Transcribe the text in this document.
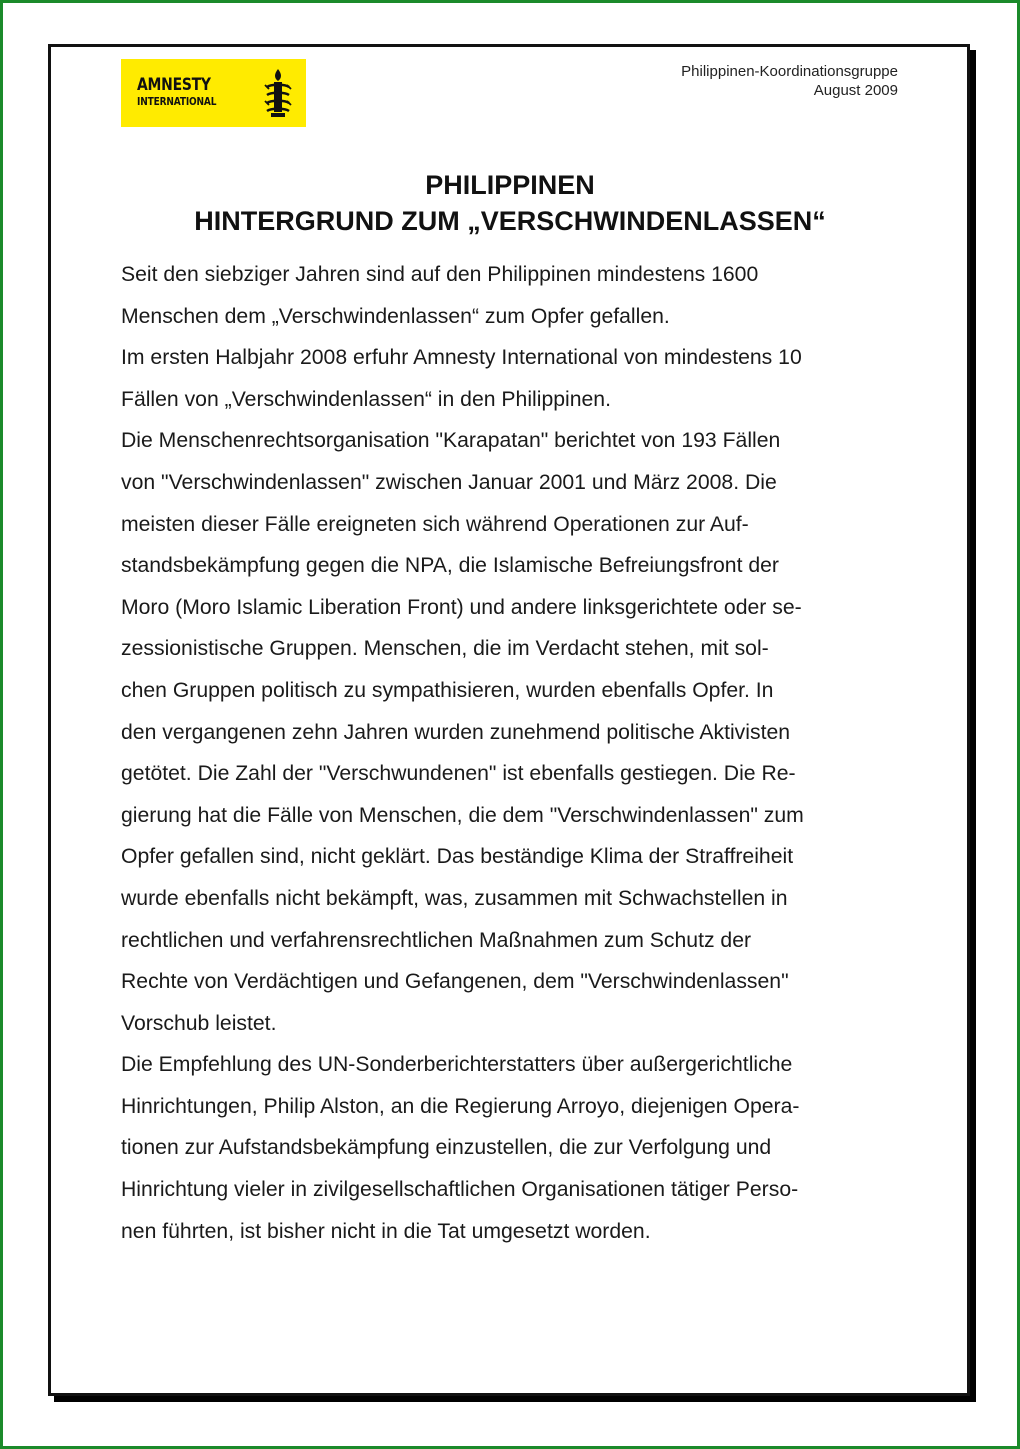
AMNESTY
INTERNATIONAL
Philippinen-Koordinationsgruppe
August 2009
PHILIPPINEN
HINTERGRUND ZUM „VERSCHWINDENLASSEN“
Seit den siebziger Jahren sind auf den Philippinen mindestens 1600
Menschen dem „Verschwindenlassen“ zum Opfer gefallen.
Im ersten Halbjahr 2008 erfuhr Amnesty International von mindestens 10
Fällen von „Verschwindenlassen“ in den Philippinen.
Die Menschenrechtsorganisation "Karapatan" berichtet von 193 Fällen
von "Verschwindenlassen" zwischen Januar 2001 und März 2008. Die
meisten dieser Fälle ereigneten sich während Operationen zur Auf-
standsbekämpfung gegen die NPA, die Islamische Befreiungsfront der
Moro (Moro Islamic Liberation Front) und andere linksgerichtete oder se-
zessionistische Gruppen. Menschen, die im Verdacht stehen, mit sol-
chen Gruppen politisch zu sympathisieren, wurden ebenfalls Opfer. In
den vergangenen zehn Jahren wurden zunehmend politische Aktivisten
getötet. Die Zahl der "Verschwundenen" ist ebenfalls gestiegen. Die Re-
gierung hat die Fälle von Menschen, die dem "Verschwindenlassen" zum
Opfer gefallen sind, nicht geklärt. Das beständige Klima der Straffreiheit
wurde ebenfalls nicht bekämpft, was, zusammen mit Schwachstellen in
rechtlichen und verfahrensrechtlichen Maßnahmen zum Schutz der
Rechte von Verdächtigen und Gefangenen, dem "Verschwindenlassen"
Vorschub leistet.
Die Empfehlung des UN-Sonderberichterstatters über außergerichtliche
Hinrichtungen, Philip Alston, an die Regierung Arroyo, diejenigen Opera-
tionen zur Aufstandsbekämpfung einzustellen, die zur Verfolgung und
Hinrichtung vieler in zivilgesellschaftlichen Organisationen tätiger Perso-
nen führten, ist bisher nicht in die Tat umgesetzt worden.
